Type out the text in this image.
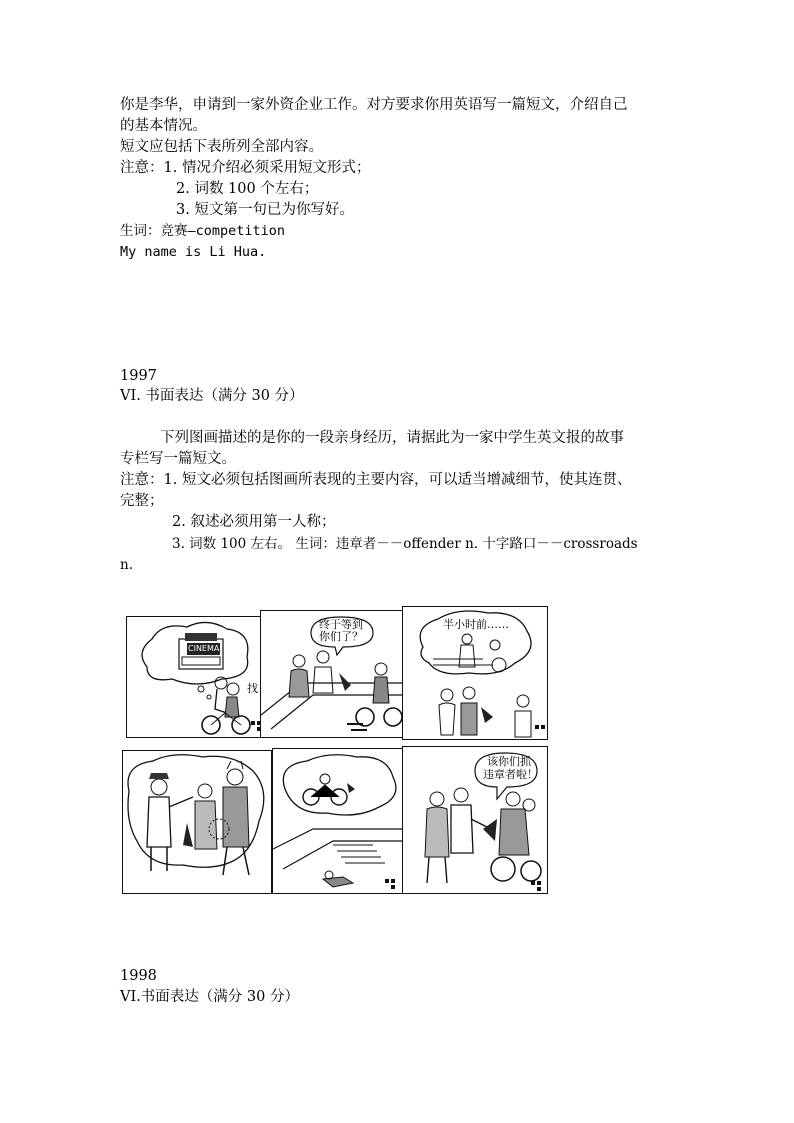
你是李华，申请到一家外资企业工作。对方要求你用英语写一篇短文，介绍自己
的基本情况。
短文应包括下表所列全部内容。
注意：1. 情况介绍必须采用短文形式；
2. 词数 100 个左右；
3. 短文第一句已为你写好。
生词：竞赛—competition
My name is Li Hua.
1997
VI. 书面表达（满分 30 分）
下列图画描述的是你的一段亲身经历，请据此为一家中学生英文报的故事
专栏写一篇短文。
注意：1. 短文必须包括图画所表现的主要内容，可以适当增减细节，使其连贯、
完整；
2. 叙述必须用第一人称；
3. 词数 100 左右。 生词：违章者－－offender n. 十字路口－－crossroads
n.
CINEMA
找
终于等到
你们了？
半小时前……
该你们抓
违章者啦！
1998
VI.书面表达（满分 30 分）
